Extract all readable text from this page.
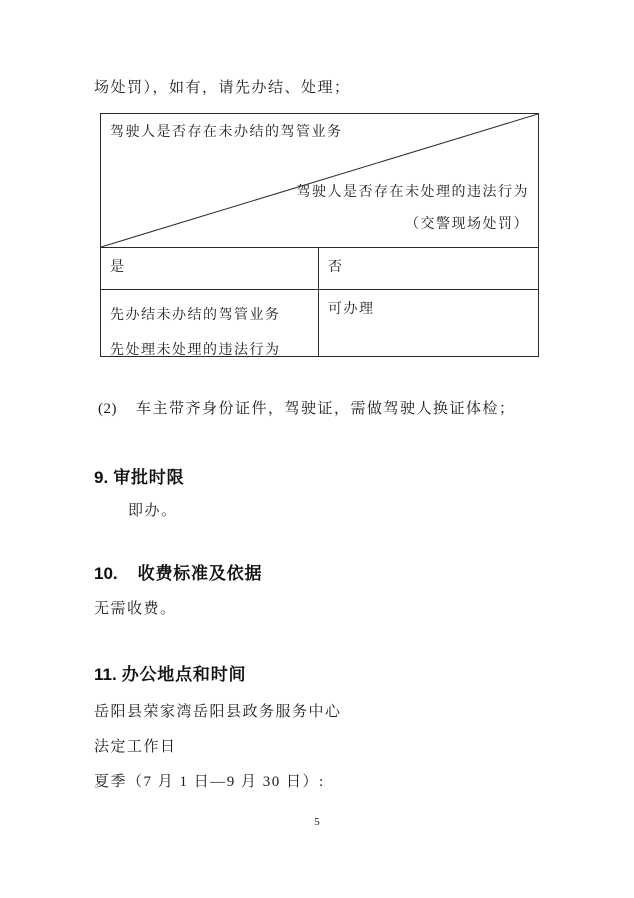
场处罚），如有，请先办结、处理；

驾驶人是否存在未办结的驾管业务
驾驶人是否存在未处理的违法行为
（交警现场处罚）
是	否

先办结未办结的驾管业务

先处理未处理的违法行为

可办理

(2) 车主带齐身份证件，驾驶证，需做驾驶人换证体检；

9. 审批时限

即办。

10. 收费标准及依据

无需收费。

11. 办公地点和时间

岳阳县荣家湾岳阳县政务服务中心

法定工作日

夏季（7 月 1 日—9 月 30 日）:

5
